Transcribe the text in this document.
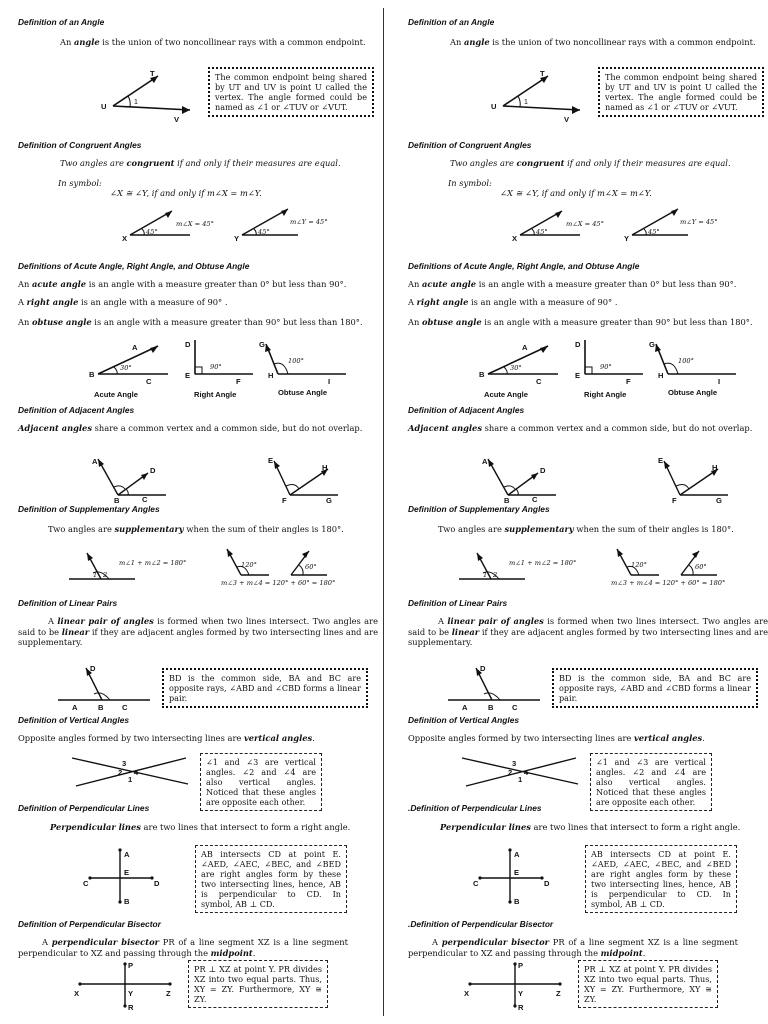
Definition of an Angle
An angle is the union of two noncollinear rays with a common endpoint.
T
U
V
1
The common endpoint being shared by UT and UV is point U called the vertex. The angle formed could be named as ∠1 or ∠TUV or ∠VUT.
Definition of Congruent Angles
Two angles are congruent if and only if their measures are equal.
In symbol:
∠X ≅ ∠Y, if and only if m∠X = m∠Y.
X
45°
m∠X = 45°
Y
45°
m∠Y = 45°
Definitions of Acute Angle, Right Angle, and Obtuse Angle
An acute angle is an angle with a measure greater than 0° but less than 90°.
A right angle is an angle with a measure of 90° .
An obtuse angle is an angle with a measure greater than 90° but less than 180°.
B
A
C
30°
Acute Angle
D
E
F
90°
Right Angle
G
H
I
100°
Obtuse Angle
Definition of Adjacent Angles
Adjacent angles share a common vertex and a common side, but do not overlap.
A
B	C
D
E
F	G
H
Definition of Supplementary Angles
Two angles are supplementary when the sum of their angles is 180°.
1 2
m∠1 + m∠2 = 180°	120°	60°
m∠3 + m∠4 = 120° + 60° = 180°
Definition of Linear Pairs
A linear pair of angles is formed when two lines intersect. Two angles are said to be linear if they are adjacent angles formed by two intersecting lines and are supplementary.
D
A	B C
BD is the common side, BA and BC are opposite rays, ∠ABD and ∠CBD forms a linear pair.
Definition of Vertical Angles
Opposite angles formed by two intersecting lines are vertical angles.
3
2 4
1
∠1 and ∠3 are vertical angles. ∠2 and ∠4 are also vertical angles. Noticed that these angles are opposite each other.
Definition of Perpendicular Lines
Perpendicular lines are two lines that intersect to form a right angle.
A
E
B
C	D
AB intersects CD at point E. ∠AED, ∠AEC, ∠BEC, and ∠BED are right angles form by these two intersecting lines, hence, AB is perpendicular to CD. In symbol, AB ⊥ CD.
Definition of Perpendicular Bisector
A perpendicular bisector PR of a line segment XZ is a line segment perpendicular to XZ and passing through the midpoint.
P
R
X	Y	Z
PR ⊥ XZ at point Y. PR divides XZ into two equal parts. Thus, XY = ZY. Furthermore, XY ≅ ZY.
Definition of an Angle
An angle is the union of two noncollinear rays with a common endpoint.
T
U
V
1
The common endpoint being shared by UT and UV is point U called the vertex. The angle formed could be named as ∠1 or ∠TUV or ∠VUT.
Definition of Congruent Angles
Two angles are congruent if and only if their measures are equal.
In symbol:
∠X ≅ ∠Y, if and only if m∠X = m∠Y.
X
45°
m∠X = 45°
Y
45°
m∠Y = 45°
Definitions of Acute Angle, Right Angle, and Obtuse Angle
An acute angle is an angle with a measure greater than 0° but less than 90°.
A right angle is an angle with a measure of 90° .
An obtuse angle is an angle with a measure greater than 90° but less than 180°.
B
A
C
30°
Acute Angle
D
E
F
90°
Right Angle
G
H
I
100°
Obtuse Angle
Definition of Adjacent Angles
Adjacent angles share a common vertex and a common side, but do not overlap.
A
B	C
D
E
F	G
H
Definition of Supplementary Angles
Two angles are supplementary when the sum of their angles is 180°.
1 2
m∠1 + m∠2 = 180°	120°	60°
m∠3 + m∠4 = 120° + 60° = 180°
Definition of Linear Pairs
A linear pair of angles is formed when two lines intersect. Two angles are said to be linear if they are adjacent angles formed by two intersecting lines and are supplementary.
D
A	B C
BD is the common side, BA and BC are opposite rays, ∠ABD and ∠CBD forms a linear pair.
Definition of Vertical Angles
Opposite angles formed by two intersecting lines are vertical angles.
3
2 4
1
∠1 and ∠3 are vertical angles. ∠2 and ∠4 are also vertical angles. Noticed that these angles are opposite each other.
.Definition of Perpendicular Lines
Perpendicular lines are two lines that intersect to form a right angle.
A
E
B
C	D
AB intersects CD at point E. ∠AED, ∠AEC, ∠BEC, and ∠BED are right angles form by these two intersecting lines, hence, AB is perpendicular to CD. In symbol, AB ⊥ CD.
.Definition of Perpendicular Bisector
A perpendicular bisector PR of a line segment XZ is a line segment perpendicular to XZ and passing through the midpoint.
P
R
X	Y	Z
PR ⊥ XZ at point Y. PR divides XZ into two equal parts. Thus, XY = ZY. Furthermore, XY ≅ ZY.
